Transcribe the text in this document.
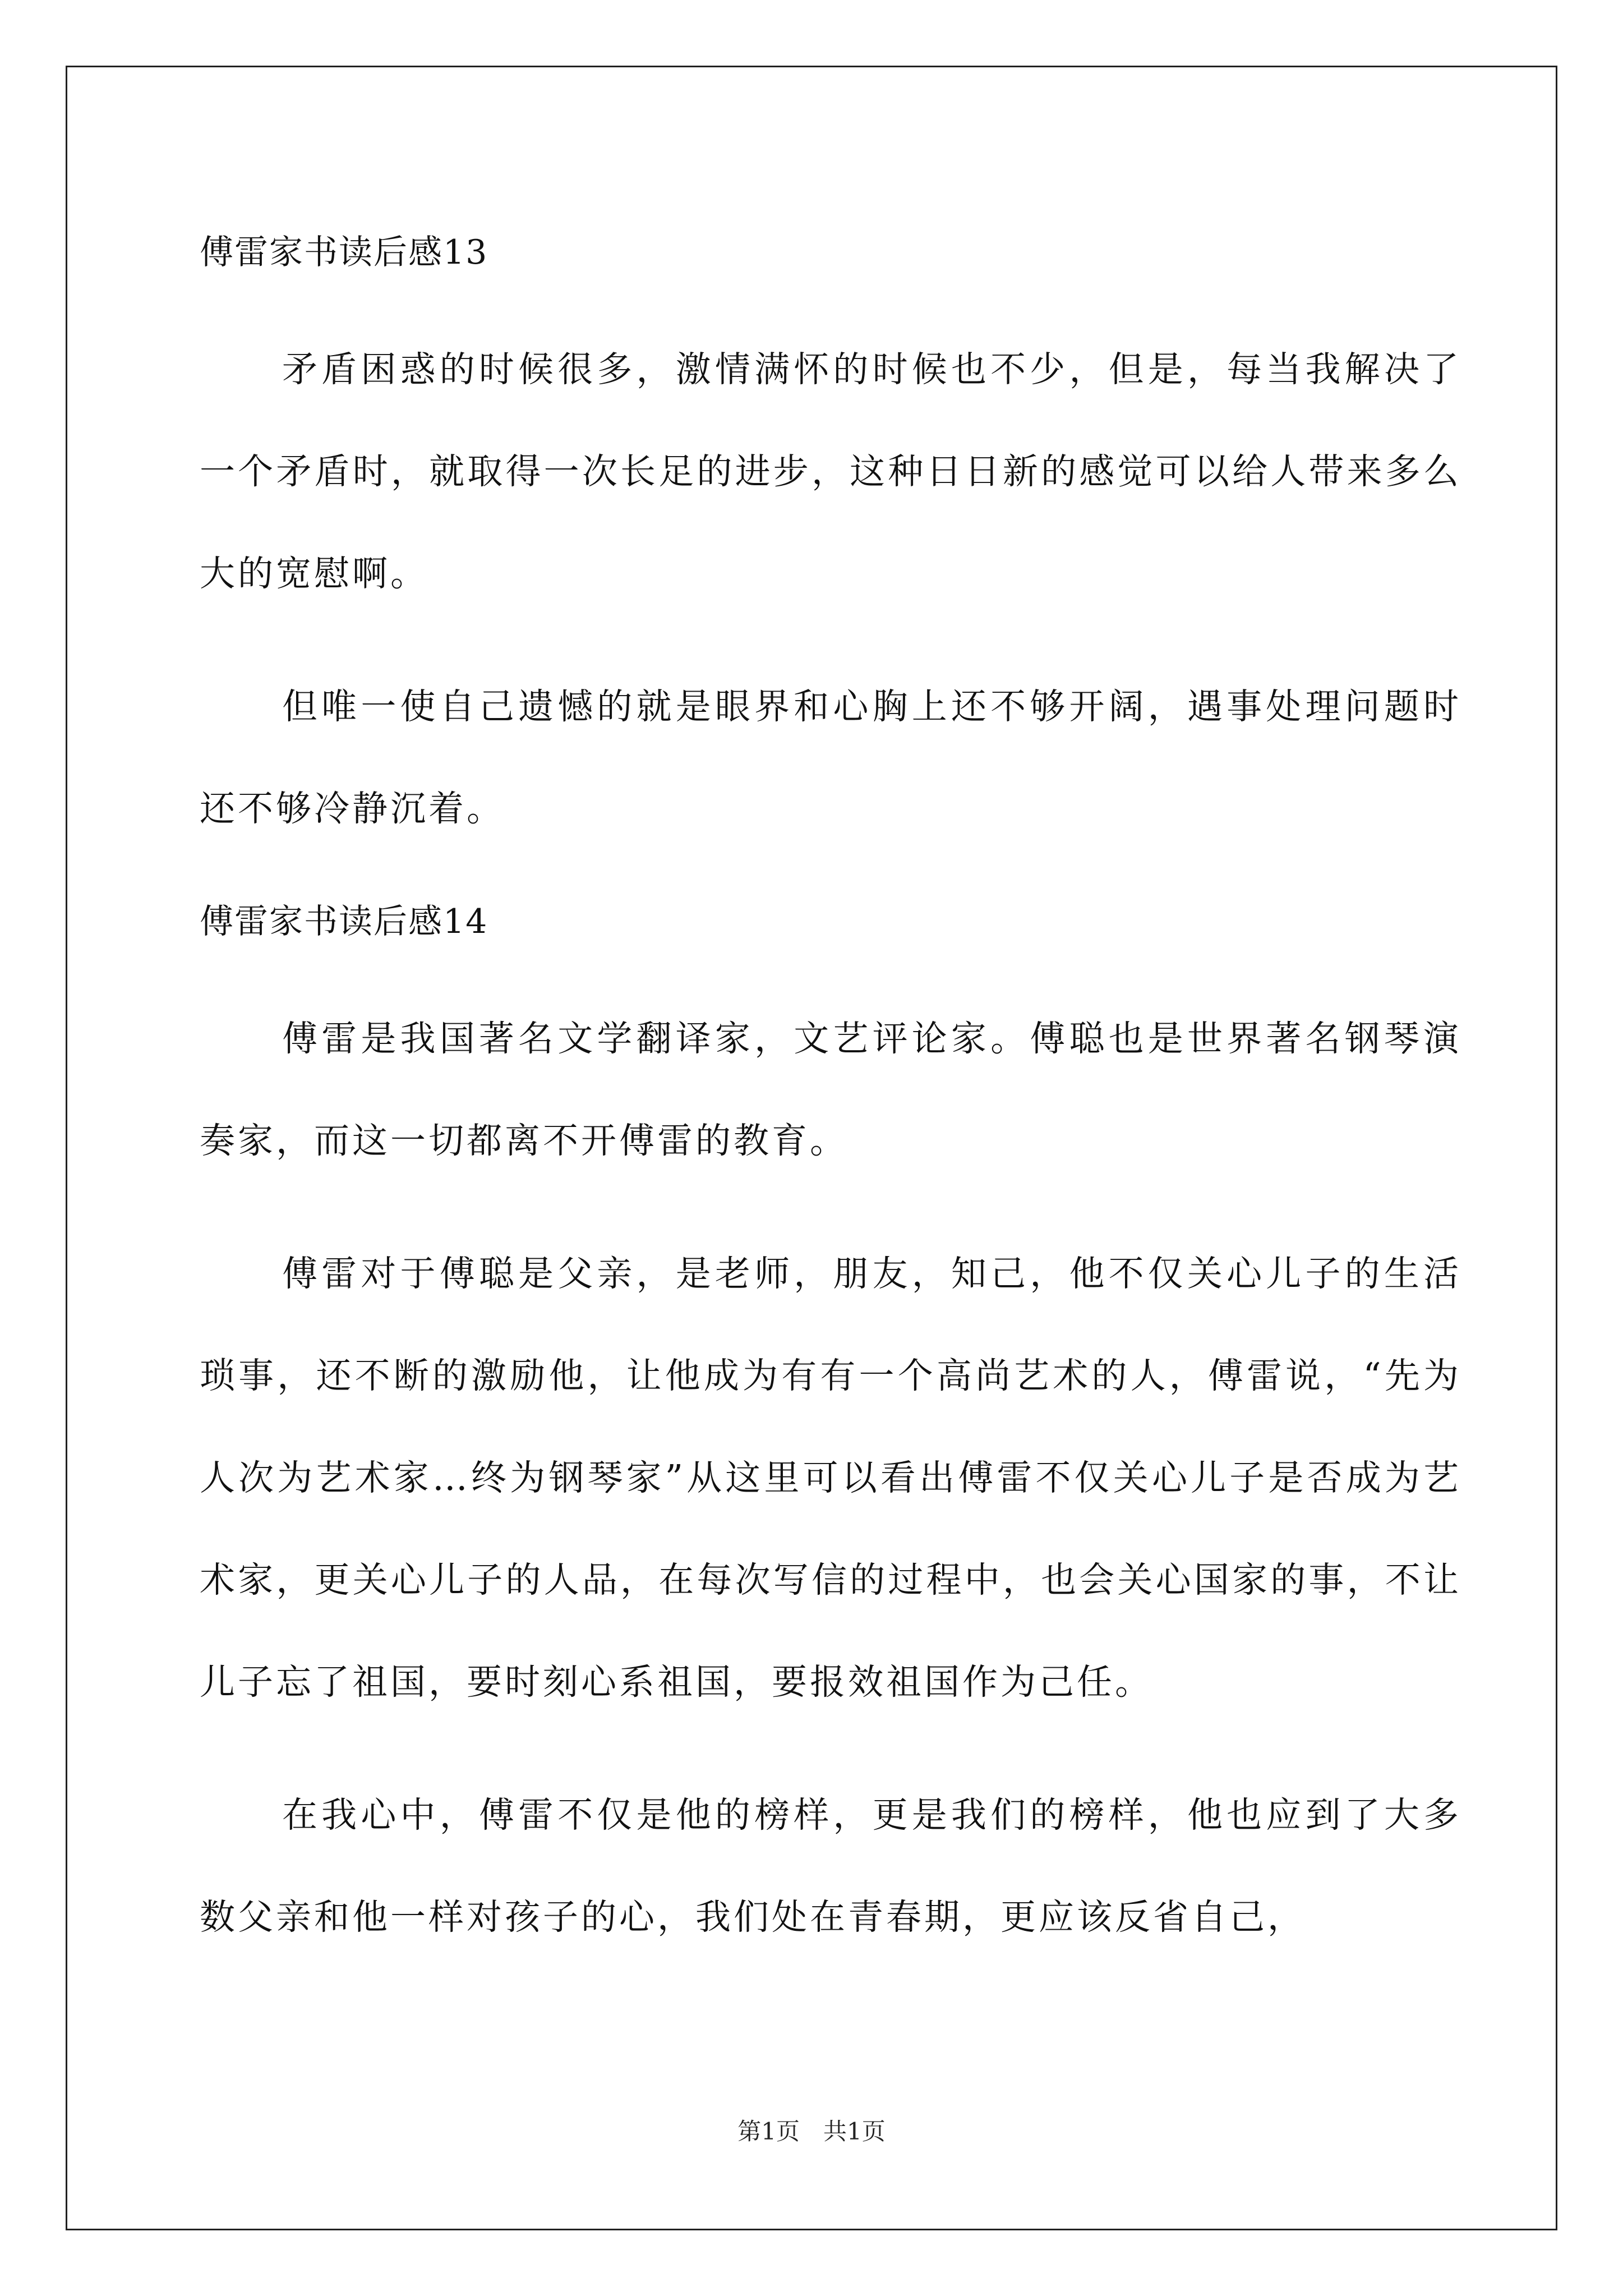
傅雷家书读后感13

矛盾困惑的时候很多，激情满怀的时候也不少，但是，每当我解决了一个矛盾时，就取得一次长足的进步，这种日日新的感觉可以给人带来多么大的宽慰啊。

但唯一使自己遗憾的就是眼界和心胸上还不够开阔，遇事处理问题时还不够冷静沉着。

傅雷家书读后感14

傅雷是我国著名文学翻译家，文艺评论家。傅聪也是世界著名钢琴演奏家，而这一切都离不开傅雷的教育。

傅雷对于傅聪是父亲，是老师，朋友，知己，他不仅关心儿子的生活琐事，还不断的激励他，让他成为有有一个高尚艺术的人，傅雷说，“先为人次为艺术家…终为钢琴家”从这里可以看出傅雷不仅关心儿子是否成为艺术家，更关心儿子的人品，在每次写信的过程中，也会关心国家的事，不让儿子忘了祖国，要时刻心系祖国，要报效祖国作为己任。

在我心中，傅雷不仅是他的榜样，更是我们的榜样，他也应到了大多数父亲和他一样对孩子的心，我们处在青春期，更应该反省自己，

第1页　共1页
